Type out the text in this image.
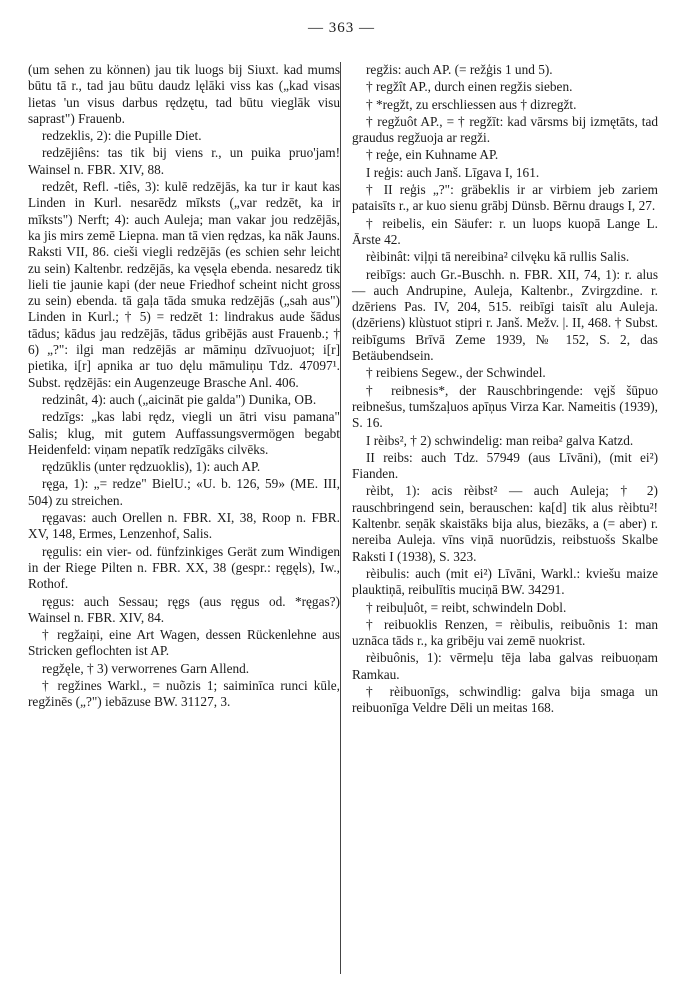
— 363 —

(um sehen zu können) jau tik luogs bij Siuxt. kad mums būtu tā r., tad jau būtu daudz lęlāki viss kas („kad visas lietas 'un visus darbus rędzętu, tad būtu vieglāk visu saprast") Frauenb.

redzeklis, 2): die Pupille Diet.

redzējiêns: tas tik bij viens r., un puika pruo'jam! Wainsel n. FBR. XIV, 88.

redzêt, Refl. -tiês, 3): kulē redzējās, ka tur ir kaut kas Linden in Kurl. nesarēdz mīksts („var redzēt, ka ir mīksts") Nerft; 4): auch Auleja; man vakar jou redzējās, ka jis mirs zemē Liepna. man tā vien rędzas, ka nāk Jauns. Raksti VII, 86. cieši viegli redzējās (es schien sehr leicht zu sein) Kaltenbr. redzējās, ka vęsęla ebenda. nesaredz tik lieli tie jaunie kapi (der neue Friedhof scheint nicht gross zu sein) ebenda. tā gaļa tāda smuka redzējās („sah aus") Linden in Kurl.; † 5) = redzēt 1: lindrakus aude šādus tādus; kādus jau redzējās, tādus gribējās aust Frauenb.; † 6) „?": ilgi man redzējās ar māmiņu dzīvuojuot; i[r] pietika, i[r] apnika ar tuo dęlu māmuliņu Tdz. 47097¹. Subst. rędzējās: ein Augenzeuge Brasche Anl. 406.

redzinât, 4): auch („aicināt pie galda") Dunika, OB.

redzīgs: „kas labi rędz, viegli un ātri visu pamana" Salis; klug, mit gutem Auffassungsvermögen begabt Heidenfeld: viņam nepatīk redzīgāks cilvēks.

rędzūklis (unter rędzuoklis), 1): auch AP.

ręga, 1): „= redze" BielU.; «U. b. 126, 59» (ME. III, 504) zu streichen.

ręgavas: auch Orellen n. FBR. XI, 38, Roop n. FBR. XV, 148, Ermes, Lenzenhof, Salis.

ręgulis: ein vier- od. fünfzinkiges Gerät zum Windigen in der Riege Pilten n. FBR. XX, 38 (gespr.: ręgęls), Iw., Rothof.

ręgus: auch Sessau; ręgs (aus ręgus od. *ręgas?) Wainsel n. FBR. XIV, 84.

† regžaiņi, eine Art Wagen, dessen Rückenlehne aus Stricken geflochten ist AP.

regžęle, † 3) verworrenes Garn Allend.

† regžines Warkl., = nuõzis 1; saiminīca runci kūle, regžinēs („?") iebāzuse BW. 31127, 3.

regžis: auch AP. (= režģis 1 und 5).

† regžît AP., durch einen regžis sieben.

† *regžt, zu erschliessen aus † dizregžt.

† regžuôt AP., = † regžīt: kad vārsms bij izmętāts, tad graudus regžuoja ar regži.

† reģe, ein Kuhname AP.

I reģis: auch Janš. Līgava I, 161.

† II reģis „?": gräbeklis ir ar virbiem jeb zariem pataisīts r., ar kuo sienu grābj Dünsb. Bērnu draugs I, 27.

† reibelis, ein Säufer: r. un luops kuopā Lange L. Ārste 42.

rèibinât: viļņi tā nereibina² cilvęku kā rullis Salis.

reibīgs: auch Gr.-Buschh. n. FBR. XII, 74, 1): r. alus — auch Andrupine, Auleja, Kaltenbr., Zvirgzdine. r. dzēriens Pas. IV, 204, 515. reibīgi taisīt alu Auleja. (dzēriens) klùstuot stipri r. Janš. Mežv. |. II, 468. † Subst. reibīgums Brīvā Zeme 1939, № 152, S. 2, das Betäubendsein.

† reibiens Segew., der Schwindel.

† reibnesis*, der Rauschbringende: vęjš šūpuo reibnešus, tumšzaļuos apīņus Virza Kar. Nameitis (1939), S. 16.

I rèibs², † 2) schwindelig: man reiba² galva Katzd.

II reibs: auch Tdz. 57949 (aus Līvāni), (mit ei²) Fianden.

rèibt, 1): acis rèibst² — auch Auleja; † 2) rauschbringend sein, berauschen: ka[d] tik alus rèibtu²! Kaltenbr. seņāk skaistāks bija alus, biezāks, a (= aber) r. nereiba Auleja. vīns viņā nuorūdzis, reibstuošs Skalbe Raksti I (1938), S. 323.

rèibulis: auch (mit ei²) Līvāni, Warkl.: kviešu maize plauktiņā, reibulītis muciņā BW. 34291.

† reibuļuôt, = reibt, schwindeln Dobl.

† reibuoklis Renzen, = rèibulis, reibuõnis 1: man uznāca tāds r., ka gribēju vai zemē nuokrist.

rèibuônis, 1): vērmeļu tēja laba galvas reibuoņam Ramkau.

† rèibuonīgs, schwindlig: galva bija smaga un reibuonīga Veldre Dēli un meitas 168.
